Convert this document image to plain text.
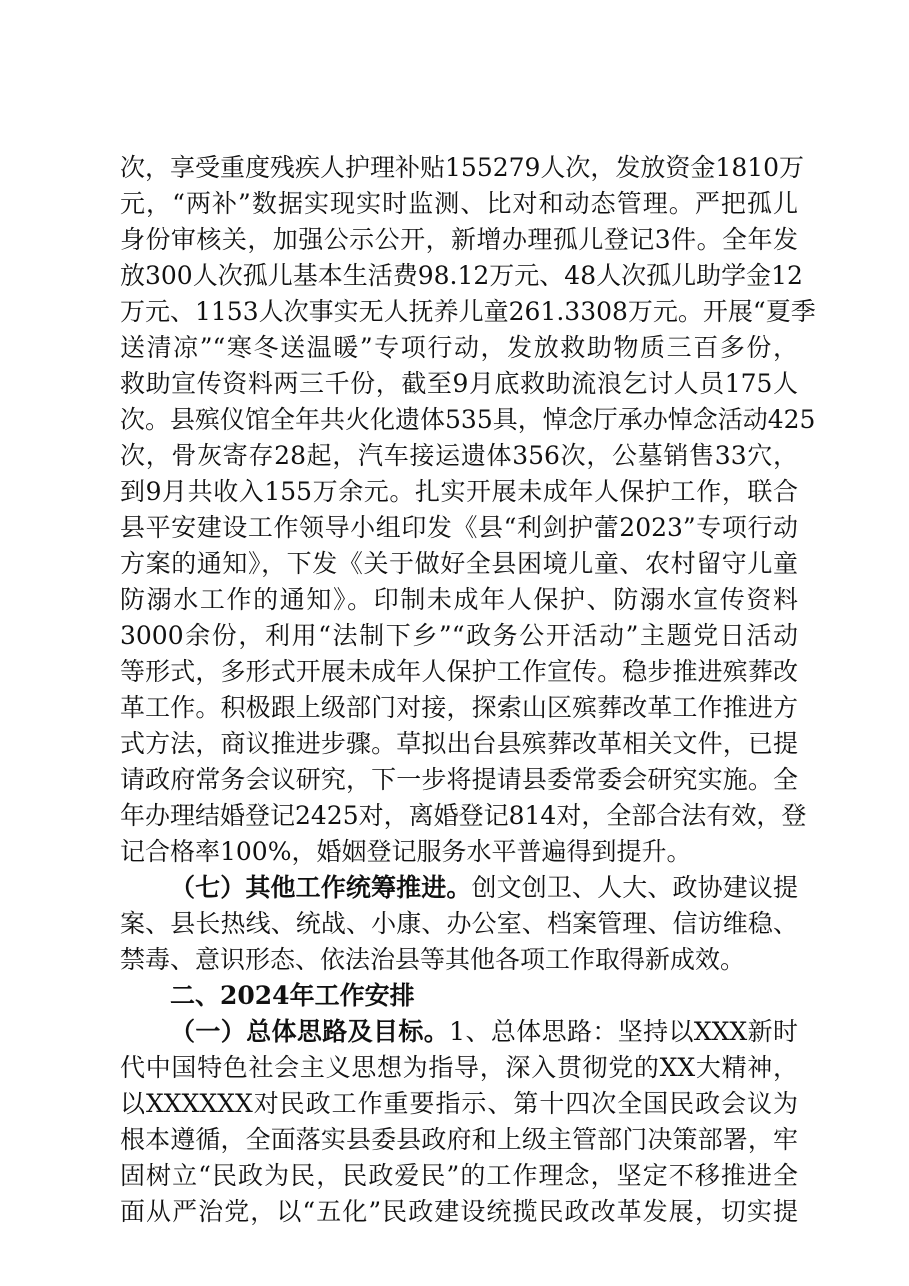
次，享受重度残疾人护理补贴155279人次，发放资金1810万
元，“两补”数据实现实时监测、比对和动态管理。严把孤儿
身份审核关，加强公示公开，新增办理孤儿登记3件。全年发
放300人次孤儿基本生活费98.12万元、48人次孤儿助学金12
万元、1153人次事实无人抚养儿童261.3308万元。开展“夏季
送清凉”“寒冬送温暖”专项行动，发放救助物质三百多份，
救助宣传资料两三千份，截至9月底救助流浪乞讨人员175人
次。县殡仪馆全年共火化遗体535具，悼念厅承办悼念活动425
次，骨灰寄存28起，汽车接运遗体356次，公墓销售33穴，
到9月共收入155万余元。扎实开展未成年人保护工作，联合
县平安建设工作领导小组印发《县“利剑护蕾2023”专项行动
方案的通知》，下发《关于做好全县困境儿童、农村留守儿童
防溺水工作的通知》。印制未成年人保护、防溺水宣传资料
3000余份，利用“法制下乡”“政务公开活动”主题党日活动
等形式，多形式开展未成年人保护工作宣传。稳步推进殡葬改
革工作。积极跟上级部门对接，探索山区殡葬改革工作推进方
式方法，商议推进步骤。草拟出台县殡葬改革相关文件，已提
请政府常务会议研究，下一步将提请县委常委会研究实施。全
年办理结婚登记2425对，离婚登记814对，全部合法有效，登
记合格率100%，婚姻登记服务水平普遍得到提升。
（七）其他工作统筹推进。创文创卫、人大、政协建议提
案、县长热线、统战、小康、办公室、档案管理、信访维稳、
禁毒、意识形态、依法治县等其他各项工作取得新成效。
二、2024年工作安排
（一）总体思路及目标。1、总体思路：坚持以XXX新时
代中国特色社会主义思想为指导，深入贯彻党的XX大精神，
以XXXXXX对民政工作重要指示、第十四次全国民政会议为
根本遵循，全面落实县委县政府和上级主管部门决策部署，牢
固树立“民政为民，民政爱民”的工作理念，坚定不移推进全
面从严治党，以“五化”民政建设统揽民政改革发展，切实提
